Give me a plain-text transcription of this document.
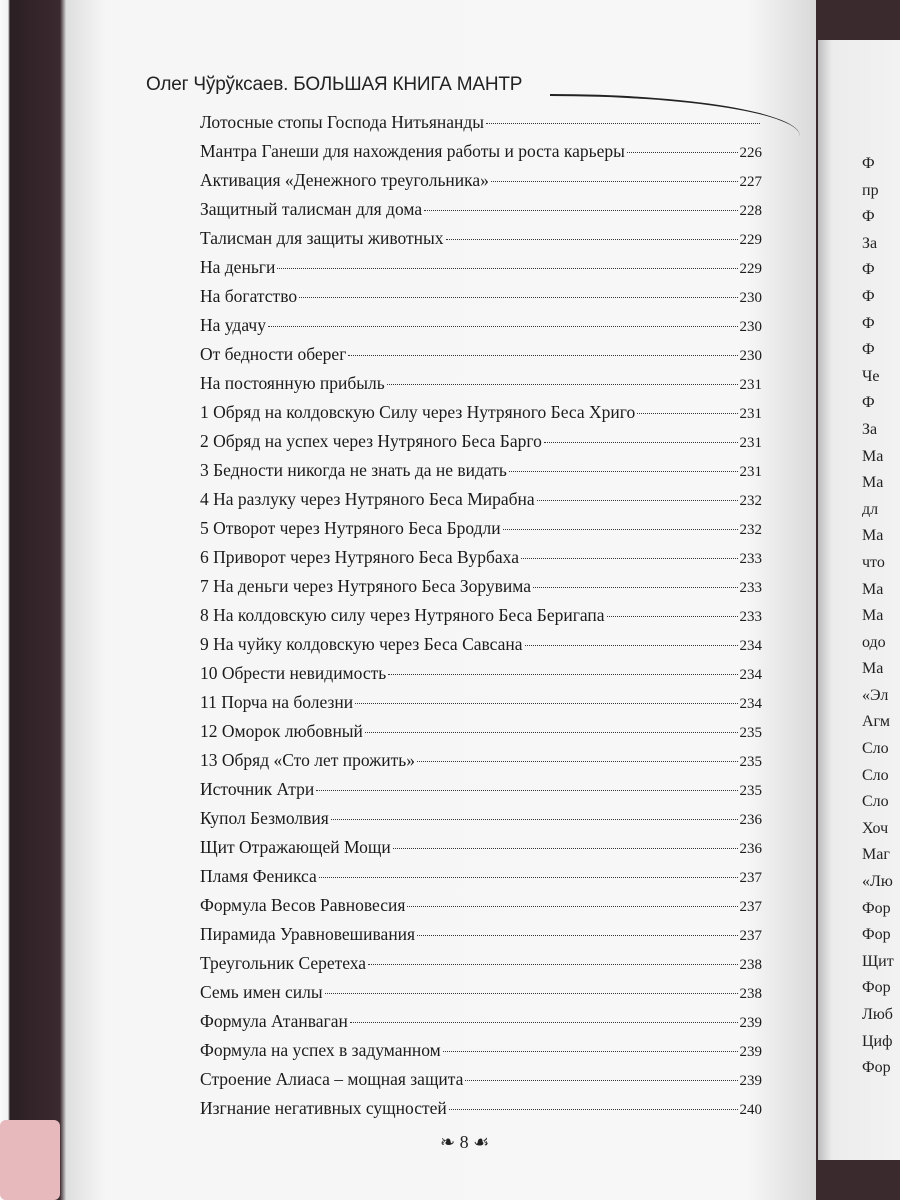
Олег Чўрўксаев. БОЛЬШАЯ КНИГА МАНТР
Лотосные стопы Господа Нитьянанды
Мантра Ганеши для нахождения работы и роста карьеры	226
Активация «Денежного треугольника»	227
Защитный талисман для дома	228
Талисман для защиты животных	229
На деньги	229
На богатство	230
На удачу	230
От бедности оберег	230
На постоянную прибыль	231
1 Обряд на колдовскую Силу через Нутряного Беса Хриго	231
2 Обряд на успех через Нутряного Беса Барго	231
3 Бедности никогда не знать да не видать	231
4 На разлуку через Нутряного Беса Мирабна	232
5 Отворот через Нутряного Беса Бродли	232
6 Приворот через Нутряного Беса Вурбаха	233
7 На деньги через Нутряного Беса Зорувима	233
8 На колдовскую силу через Нутряного Беса Беригапа	233
9 На чуйку колдовскую через Беса Савсана	234
10 Обрести невидимость	234
11 Порча на болезни	234
12 Оморок любовный	235
13 Обряд «Сто лет прожить»	235
Источник Атри	235
Купол Безмолвия	236
Щит Отражающей Мощи	236
Пламя Феникса	237
Формула Весов Равновесия	237
Пирамида Уравновешивания	237
Треугольник Серетеха	238
Семь имен силы	238
Формула Атанваган	239
Формула на успех в задуманном	239
Строение Алиаса – мощная защита	239
Изгнание негативных сущностей	240
❧ 8 ☙
Ф
пр
Ф
За
Ф
Ф
Ф
Ф
Че
Ф
За
Ма
Ма
дл
Ма
что
Ма
Ма
одо
Ма
«Эл
Агм
Сло
Сло
Сло
Хоч
Маг
«Лю
Фор
Фор
Щит
Фор
Люб
Циф
Фор
